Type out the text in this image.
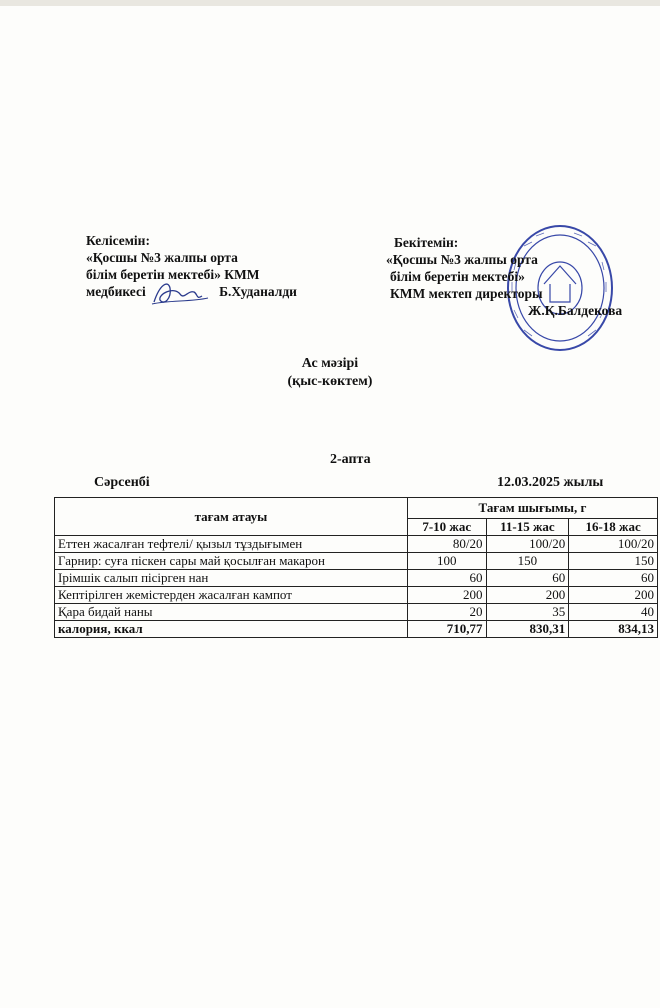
Келісемін:
«Қосшы №3 жалпы орта
білім беретін мектебі» КММ
медбикесі	Б.Худаналди
Бекітемін:
«Қосшы №3 жалпы орта
білім беретін мектебі»
КММ мектеп директоры
Ж.Қ.Балдекова
Ас мәзірі
(қыс-көктем)
2-апта
Сәрсенбі	12.03.2025 жылы
тағам атауы	Тағам шығымы, г		
	7-10 жас	11-15 жас	16-18 жас
Еттен жасалған тефтелі/ қызыл тұздығымен	80/20	100/20	100/20
Гарнир: суға піскен сары май қосылған макарон	100	150	150
Ірімшік салып пісірген нан	60	60	60
Кептірілген жемістерден жасалған кампот	200	200	200
Қара бидай наны	20	35	40
калория, ккал	710,77	830,31	834,13
